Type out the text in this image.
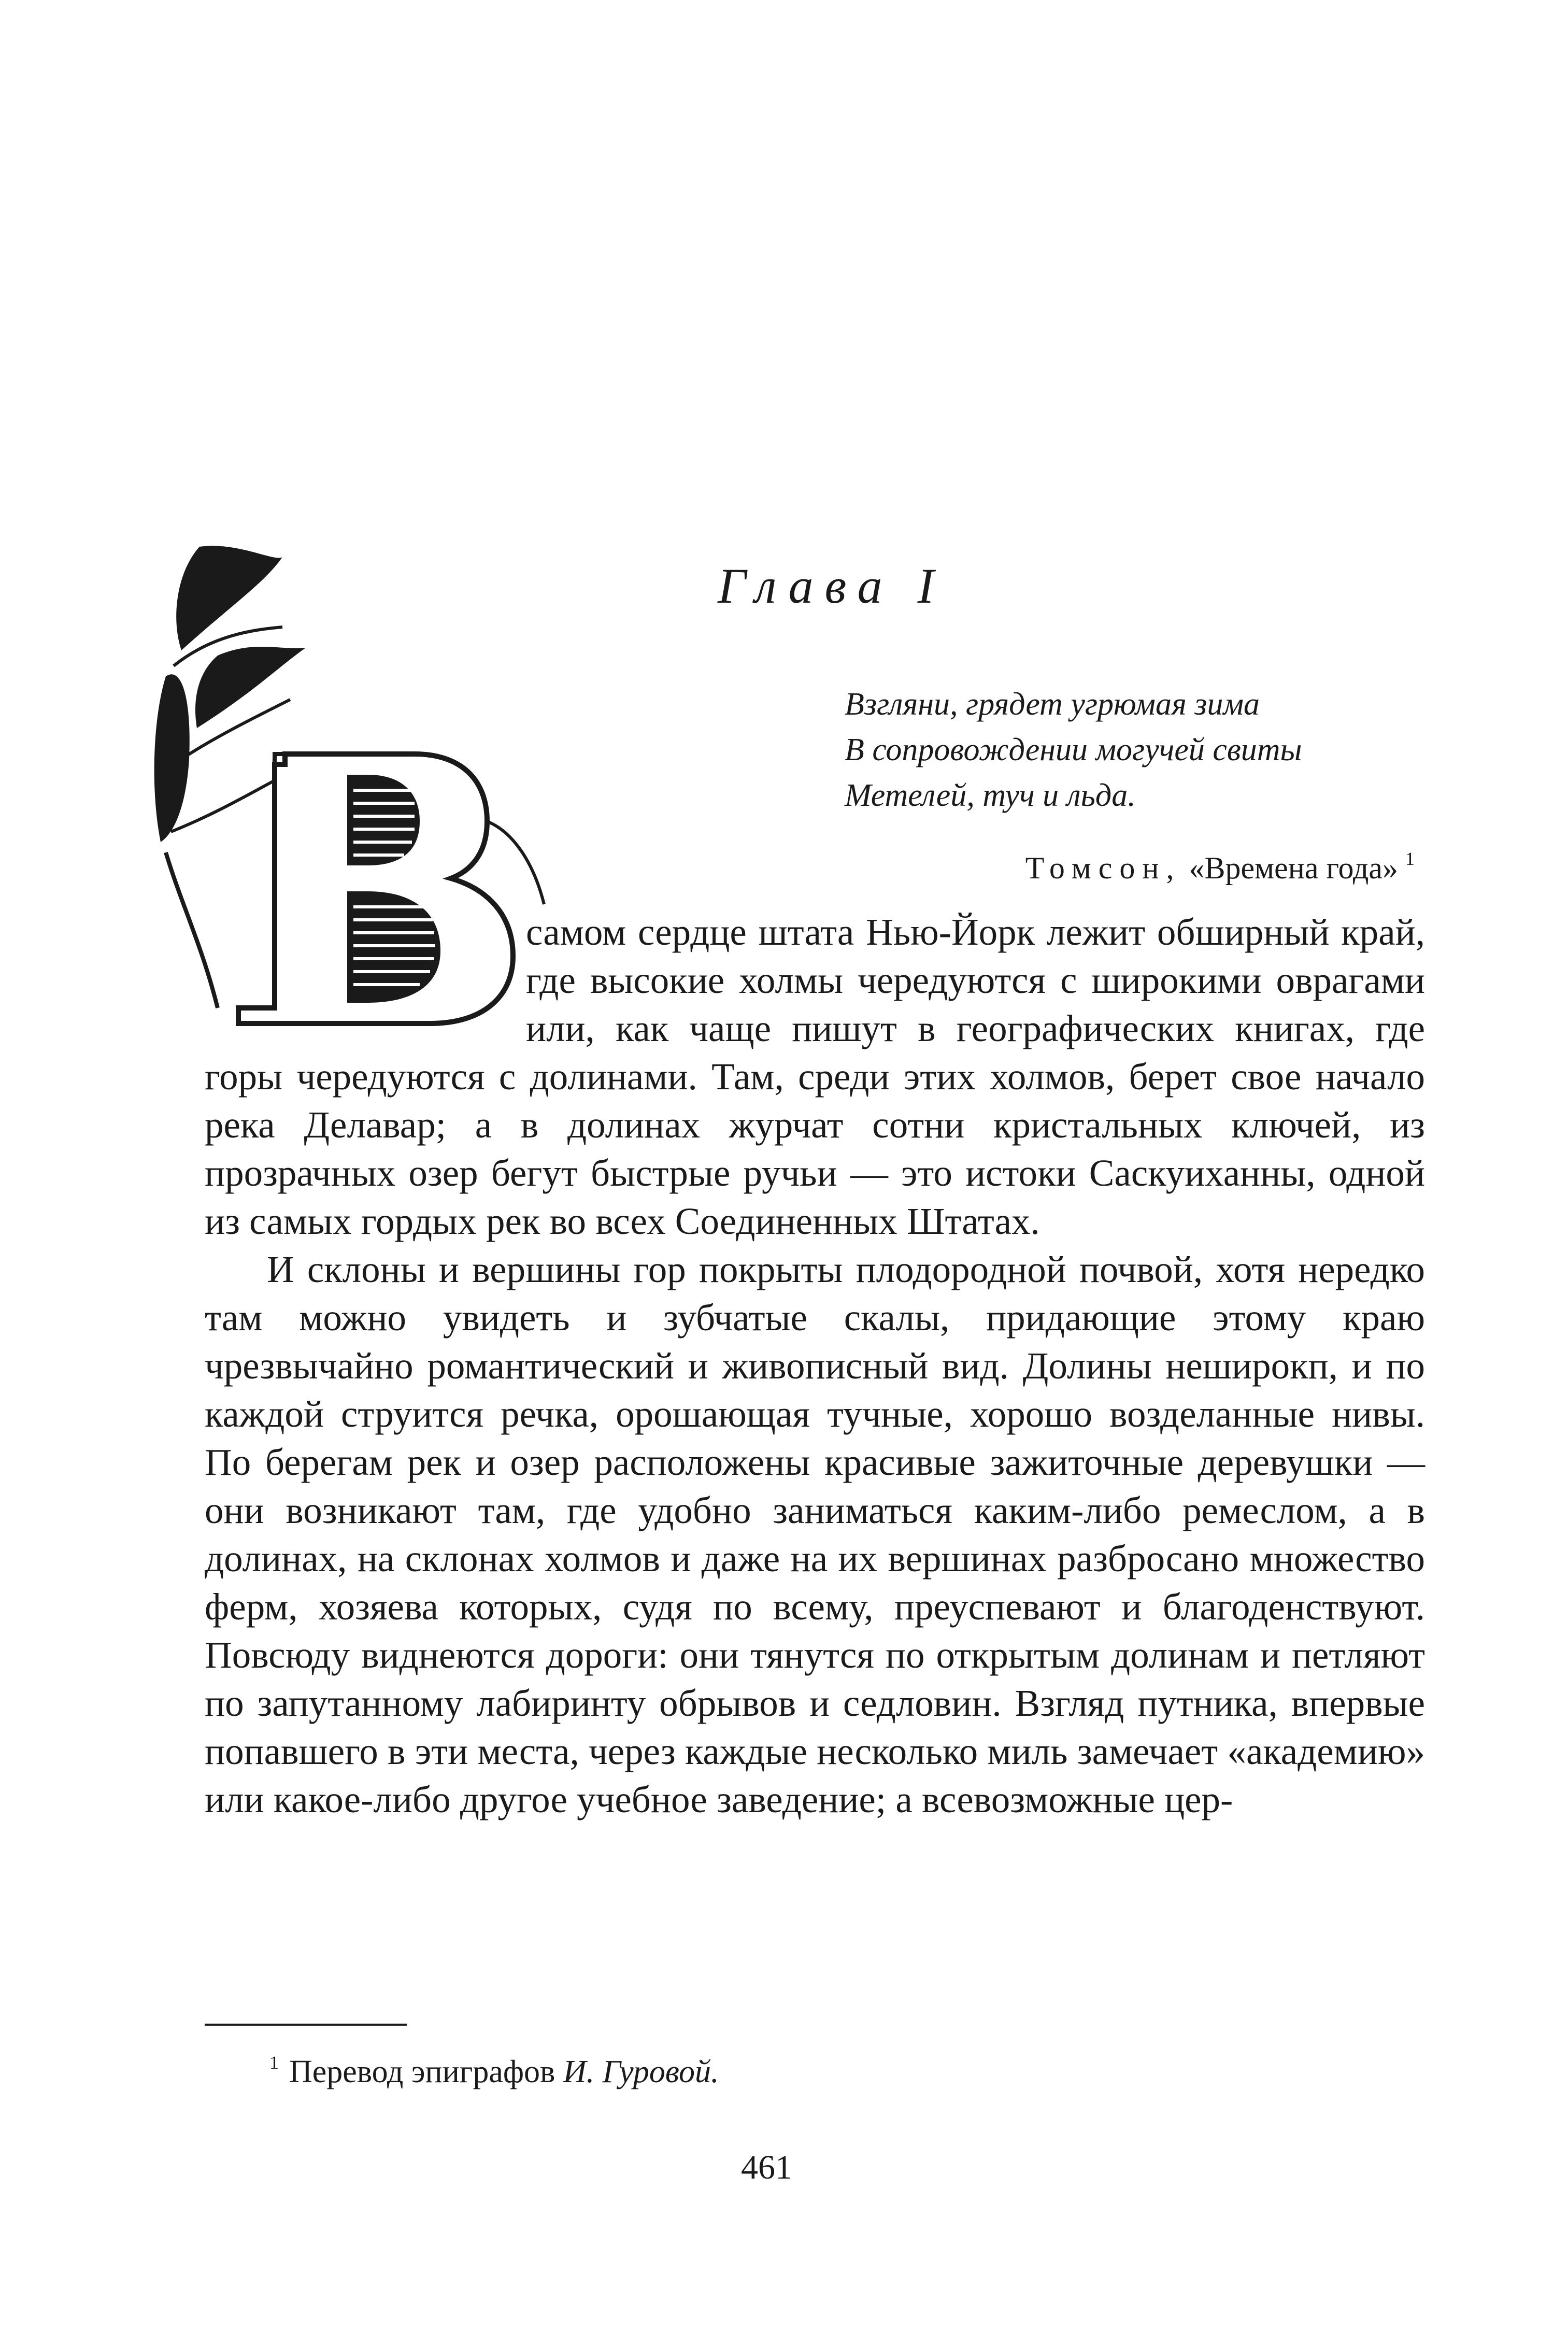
Глава I
Взгляни, грядет угрюмая зима
В сопровождении могучей свиты
Метелей, туч и льда.
Томсон, «Времена года» $^1$
В

самом сердце штата Нью-Йорк лежит обширный край, где высокие холмы чередуются с широкими оврагами или, как чаще пишут в географических книгах, где горы чередуются с долинами. Там, среди этих холмов, берет свое начало река Делавар; а в долинах журчат сотни кристальных ключей, из прозрачных озер бегут быстрые ручьи — это истоки Саскуиханны, одной из самых гордых рек во всех Соединенных Штатах.

И склоны и вершины гор покрыты плодородной почвой, хотя нередко там можно увидеть и зубчатые скалы, придающие этому краю чрезвычайно романтический и живописный вид. Долины неширокп, и по каждой струится речка, орошающая тучные, хорошо возделанные нивы. По берегам рек и озер расположены красивые зажиточные деревушки — они возникают там, где удобно заниматься каким-либо ремеслом, а в долинах, на склонах холмов и даже на их вершинах разбросано множество ферм, хозяева которых, судя по всему, преуспевают и благоденствуют. Повсюду виднеются дороги: они тянутся по открытым долинам и петляют по запутанному лабиринту обрывов и седловин. Взгляд путника, впервые попавшего в эти места, через каждые несколько миль замечает «академию» или какое-либо другое учебное заведение; а всевозможные цер-

$^1$ Перевод эпиграфов И. Гуровой.
461
